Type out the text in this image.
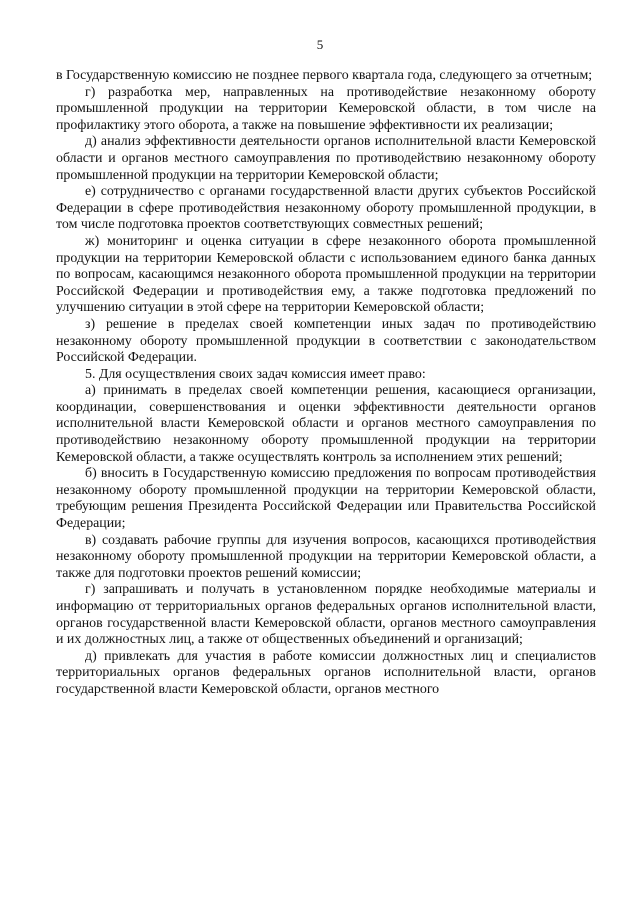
5

в Государственную комиссию не позднее первого квартала года, следующего за отчетным;

г) разработка мер, направленных на противодействие незаконному обороту промышленной продукции на территории Кемеровской области, в том числе на профилактику этого оборота, а также на повышение эффективности их реализации;

д) анализ эффективности деятельности органов исполнительной власти Кемеровской области и органов местного самоуправления по противодействию незаконному обороту промышленной продукции на территории Кемеровской области;

е) сотрудничество с органами государственной власти других субъектов Российской Федерации в сфере противодействия незаконному обороту промышленной продукции, в том числе подготовка проектов соответствующих совместных решений;

ж) мониторинг и оценка ситуации в сфере незаконного оборота промышленной продукции на территории Кемеровской области с использованием единого банка данных по вопросам, касающимся незаконного оборота промышленной продукции на территории Российской Федерации и противодействия ему, а также подготовка предложений по улучшению ситуации в этой сфере на территории Кемеровской области;

з) решение в пределах своей компетенции иных задач по противодействию незаконному обороту промышленной продукции в соответствии с законодательством Российской Федерации.

5. Для осуществления своих задач комиссия имеет право:

а) принимать в пределах своей компетенции решения, касающиеся организации, координации, совершенствования и оценки эффективности деятельности органов исполнительной власти Кемеровской области и органов местного самоуправления по противодействию незаконному обороту промышленной продукции на территории Кемеровской области, а также осуществлять контроль за исполнением этих решений;

б) вносить в Государственную комиссию предложения по вопросам противодействия незаконному обороту промышленной продукции на территории Кемеровской области, требующим решения Президента Российской Федерации или Правительства Российской Федерации;

в) создавать рабочие группы для изучения вопросов, касающихся противодействия незаконному обороту промышленной продукции на территории Кемеровской области, а также для подготовки проектов решений комиссии;

г) запрашивать и получать в установленном порядке необходимые материалы и информацию от территориальных органов федеральных органов исполнительной власти, органов государственной власти Кемеровской области, органов местного самоуправления и их должностных лиц, а также от общественных объединений и организаций;

д) привлекать для участия в работе комиссии должностных лиц и специалистов территориальных органов федеральных органов исполнительной власти, органов государственной власти Кемеровской области, органов местного
